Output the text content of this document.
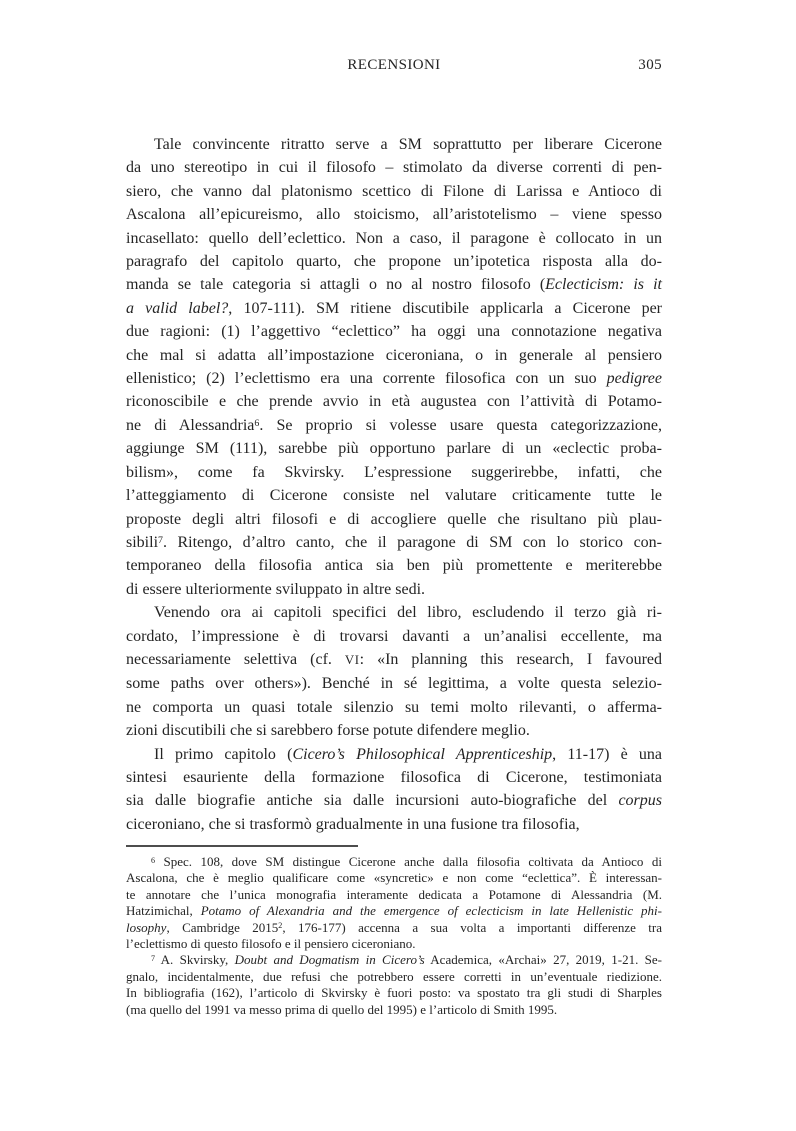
RECENSIONI	305
Tale convincente ritratto serve a SM soprattutto per liberare Cicerone
da uno stereotipo in cui il filosofo – stimolato da diverse correnti di pen-
siero, che vanno dal platonismo scettico di Filone di Larissa e Antioco di
Ascalona all’epicureismo, allo stoicismo, all’aristotelismo – viene spesso
incasellato: quello dell’eclettico. Non a caso, il paragone è collocato in un
paragrafo del capitolo quarto, che propone un’ipotetica risposta alla do-
manda se tale categoria si attagli o no al nostro filosofo (Eclecticism: is it
a valid label?, 107-111). SM ritiene discutibile applicarla a Cicerone per
due ragioni: (1) l’aggettivo “eclettico” ha oggi una connotazione negativa
che mal si adatta all’impostazione ciceroniana, o in generale al pensiero
ellenistico; (2) l’eclettismo era una corrente filosofica con un suo pedigree
riconoscibile e che prende avvio in età augustea con l’attività di Potamo-
ne di Alessandria$^6$. Se proprio si volesse usare questa categorizzazione,
aggiunge SM (111), sarebbe più opportuno parlare di un «eclectic proba-
bilism», come fa Skvirsky. L’espressione suggerirebbe, infatti, che
l’atteggiamento di Cicerone consiste nel valutare criticamente tutte le
proposte degli altri filosofi e di accogliere quelle che risultano più plau-
sibili$^7$. Ritengo, d’altro canto, che il paragone di SM con lo storico con-
temporaneo della filosofia antica sia ben più promettente e meriterebbe
di essere ulteriormente sviluppato in altre sedi.
Venendo ora ai capitoli specifici del libro, escludendo il terzo già ri-
cordato, l’impressione è di trovarsi davanti a un’analisi eccellente, ma
necessariamente selettiva (cf. VI: «In planning this research, I favoured
some paths over others»). Benché in sé legittima, a volte questa selezio-
ne comporta un quasi totale silenzio su temi molto rilevanti, o afferma-
zioni discutibili che si sarebbero forse potute difendere meglio.
Il primo capitolo (Cicero’s Philosophical Apprenticeship, 11-17) è una
sintesi esauriente della formazione filosofica di Cicerone, testimoniata
sia dalle biografie antiche sia dalle incursioni auto-biografiche del corpus
ciceroniano, che si trasformò gradualmente in una fusione tra filosofia,
$^6$ Spec. 108, dove SM distingue Cicerone anche dalla filosofia coltivata da Antioco di
Ascalona, che è meglio qualificare come «syncretic» e non come “eclettica”. È interessan-
te annotare che l’unica monografia interamente dedicata a Potamone di Alessandria (M.
Hatzimichal, Potamo of Alexandria and the emergence of eclecticism in late Hellenistic phi-
losophy, Cambridge 2015$^2$, 176-177) accenna a sua volta a importanti differenze tra
l’eclettismo di questo filosofo e il pensiero ciceroniano.
$^7$ A. Skvirsky, Doubt and Dogmatism in Cicero’s Academica, «Archai» 27, 2019, 1-21. Se-
gnalo, incidentalmente, due refusi che potrebbero essere corretti in un’eventuale riedizione.
In bibliografia (162), l’articolo di Skvirsky è fuori posto: va spostato tra gli studi di Sharples
(ma quello del 1991 va messo prima di quello del 1995) e l’articolo di Smith 1995.
